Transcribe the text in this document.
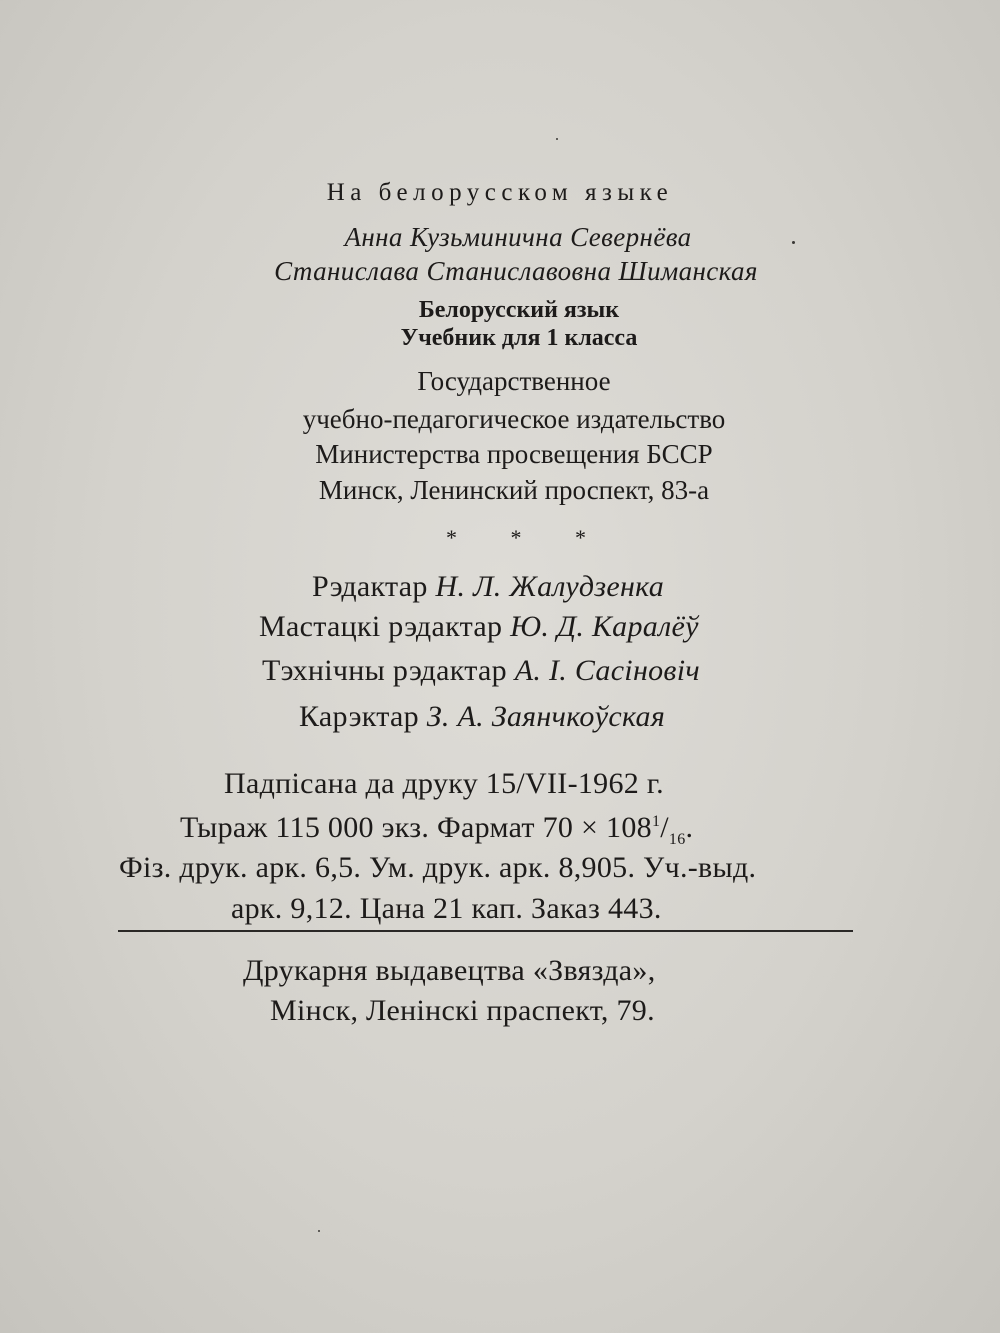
На белорусском языке
Анна Кузьминична Севернёва
Станислава Станиславовна Шиманская
Белорусский язык
Учебник для 1 класса
Государственное
учебно-педагогическое издательство
Министерства просвещения БССР
Минск, Ленинский проспект, 83-а
* * *
Рэдактар Н. Л. Жалудзенка
Мастацкі рэдактар Ю. Д. Каралёў
Тэхнічны рэдактар А. І. Сасіновіч
Карэктар З. А. Заянчкоўская
Падпісана да друку 15/VII-1962 г.
Тыраж 115 000 экз. Фармат $70 \times 108^1/_{16}$.
Фіз. друк. арк. 6,5. Ум. друк. арк. 8,905. Уч.-выд.
арк. 9,12. Цана 21 кап. Заказ 443.
Друкарня выдавецтва «Звязда»,
Мінск, Ленінскі праспект, 79.
